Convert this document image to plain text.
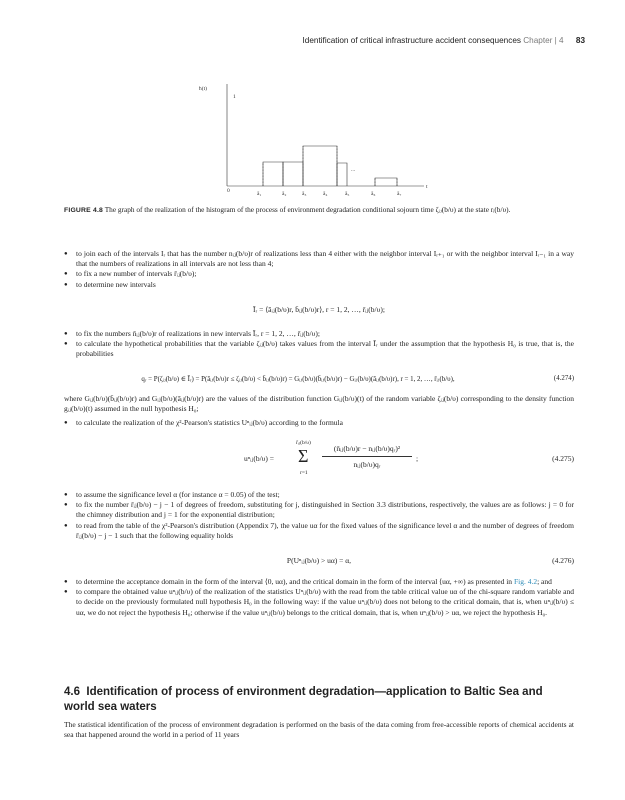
Identification of critical infrastructure accident consequences Chapter | 4 83
ħ(t)
1
0
t
ā₁	ā₂	ā₃	ā₄	ā₅	ā₆	ā₇
...
FIGURE 4.8 The graph of the realization of the histogram of the process of environment degradation conditional sojourn time ζᵢⱼ(b/υ) at the state rᵢ(b/υ).
● to join each of the intervals Iᵣ that has the number nᵢⱼ(b/υ)r of realizations less than 4 either with the neighbor interval Iᵣ₊₁ or with the neighbor interval Iᵣ₋₁ in a way that the numbers of realizations in all intervals are not less than 4;
● to fix a new number of intervals r̄ᵢⱼ(b/υ);
● to determine new intervals
Īᵣ = ⟨āᵢⱼ(b/υ)r, b̄ᵢⱼ(b/υ)r⟩, r = 1, 2, …, r̄ᵢⱼ(b/υ);
● to fix the numbers n̄ᵢⱼ(b/υ)r of realizations in new intervals Īᵣ, r = 1, 2, …, r̄ᵢⱼ(b/υ);
● to calculate the hypothetical probabilities that the variable ζᵢⱼ(b/υ) takes values from the interval Īᵣ under the assumption that the hypothesis H₀ is true, that is, the probabilities
qᵣ = P(ζᵢⱼ(b/υ) ∈ Īᵣ) = P(āᵢⱼ(b/υ)r ≤ ζᵢⱼ(b/υ) < b̄ᵢⱼ(b/υ)r) = Gᵢⱼ(b/υ)(b̄ᵢⱼ(b/υ)r) − Gᵢⱼ(b/υ)(āᵢⱼ(b/υ)r), r = 1, 2, …, r̄ᵢⱼ(b/υ),	(4.274)
where Gᵢⱼ(b/υ)(b̄ᵢⱼ(b/υ)r) and Gᵢⱼ(b/υ)(āᵢⱼ(b/υ)r) are the values of the distribution function Gᵢⱼ(b/υ)(t) of the random variable ζᵢⱼ(b/υ) corresponding to the density function gᵢⱼ(b/υ)(t) assumed in the null hypothesis H₀;
● to calculate the realization of the χ²-Pearson's statistics Uⁿᵢⱼ(b/υ) according to the formula
uⁿᵢⱼ(b/υ) =
r̄ᵢⱼ(b/υ)
Σ
r=1
(n̄ᵢⱼ(b/υ)r − nᵢⱼ(b/υ)qᵣ)²
nᵢⱼ(b/υ)qᵣ
;	(4.275)
● to assume the significance level α (for instance α = 0.05) of the test;
● to fix the number r̄ᵢⱼ(b/υ) − j − 1 of degrees of freedom, substituting for j, distinguished in Section 3.3 distributions, respectively, the values are as follows: j = 0 for the chimney distribution and j = 1 for the exponential distribution;
● to read from the table of the χ²-Pearson's distribution (Appendix 7), the value uα for the fixed values of the significance level α and the number of degrees of freedom r̄ᵢⱼ(b/υ) − j − 1 such that the following equality holds
P(Uⁿᵢⱼ(b/υ) > uα) = α,	(4.276)
● to determine the acceptance domain in the form of the interval ⟨0, uα), and the critical domain in the form of the interval ⟨uα, +∞) as presented in Fig. 4.2; and
● to compare the obtained value uⁿᵢⱼ(b/υ) of the realization of the statistics Uⁿᵢⱼ(b/υ) with the read from the table critical value uα of the chi-square random variable and to decide on the previously formulated null hypothesis H₀ in the following way: if the value uⁿᵢⱼ(b/υ) does not belong to the critical domain, that is, when uⁿᵢⱼ(b/υ) ≤ uα, we do not reject the hypothesis H₀; otherwise if the value uⁿᵢⱼ(b/υ) belongs to the critical domain, that is, when uⁿᵢⱼ(b/υ) > uα, we reject the hypothesis H₀.
4.6 Identification of process of environment degradation—application to Baltic Sea and world sea waters
The statistical identification of the process of environment degradation is performed on the basis of the data coming from free-accessible reports of chemical accidents at sea that happened around the world in a period of 11 years
